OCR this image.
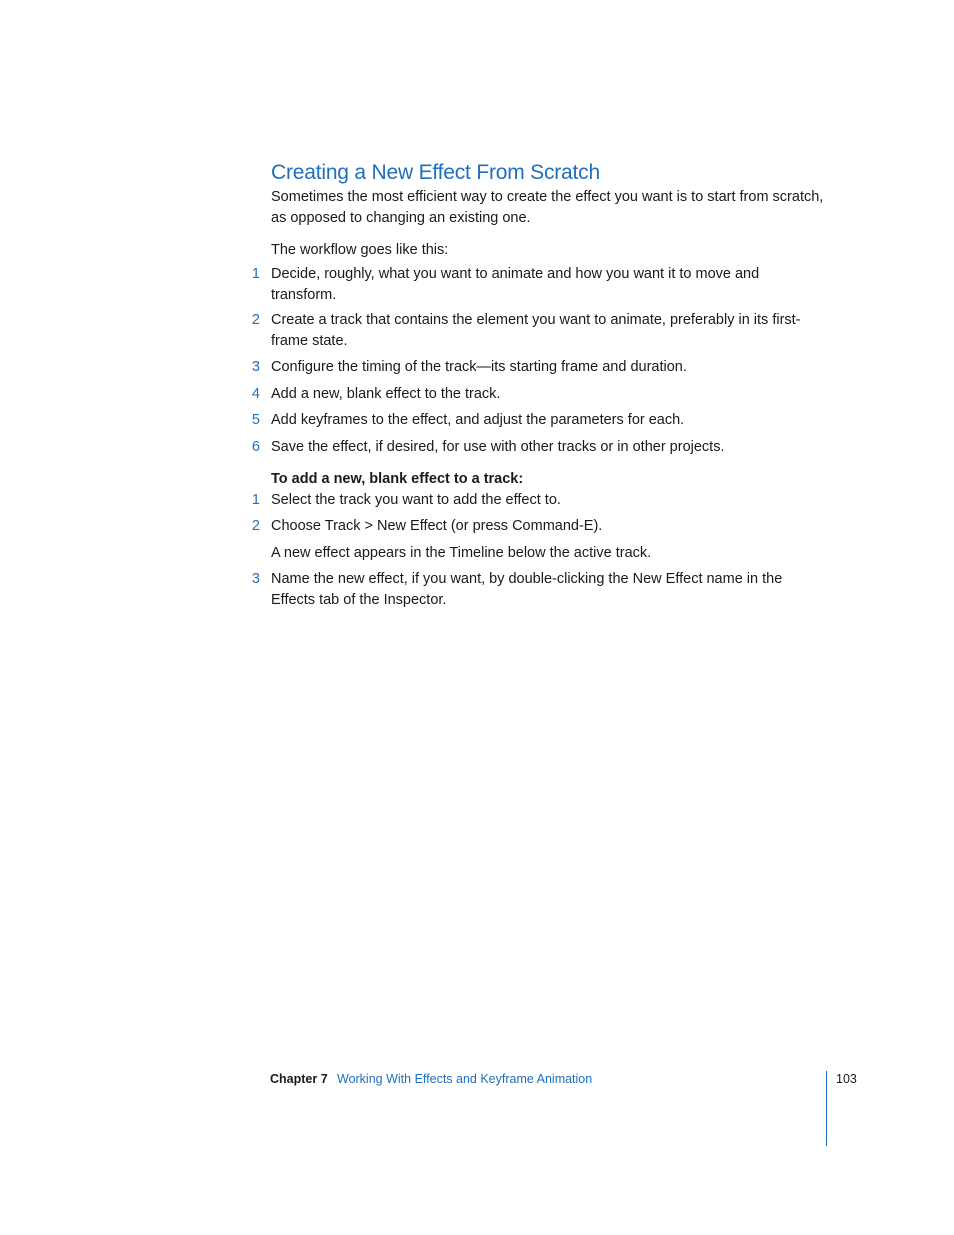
Creating a New Effect From Scratch

Sometimes the most efficient way to create the effect you want is to start from scratch, as opposed to changing an existing one.

The workflow goes like this:

1 Decide, roughly, what you want to animate and how you want it to move and transform.
2 Create a track that contains the element you want to animate, preferably in its first-frame state.
3 Configure the timing of the track—its starting frame and duration.
4 Add a new, blank effect to the track.
5 Add keyframes to the effect, and adjust the parameters for each.
6 Save the effect, if desired, for use with other tracks or in other projects.
To add a new, blank effect to a track:
1 Select the track you want to add the effect to.
2 Choose Track > New Effect (or press Command-E).

A new effect appears in the Timeline below the active track.

3 Name the new effect, if you want, by double-clicking the New Effect name in the Effects tab of the Inspector.
Chapter 7 Working With Effects and Keyframe Animation	103
